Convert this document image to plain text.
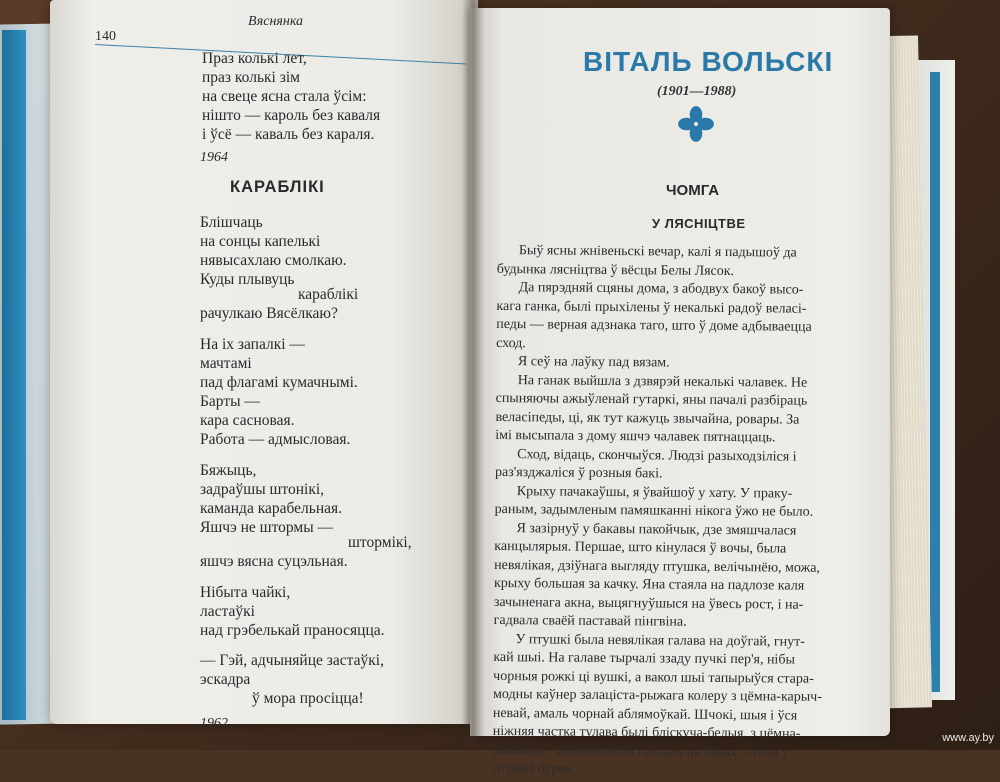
140
Вяснянка
Праз колькі лет,
праз колькі зім
на свеце ясна стала ўсім:
нішто — кароль без каваля
і ўсё — каваль без караля.
1964
КАРАБЛІКІ
Блішчаць
на сонцы капелькі
нявысахлаю смолкаю.
Куды плывуць
караблікі
рачулкаю Вясёлкаю?
На іх запалкі —
мачтамі
пад флагамі кумачнымі.
Барты —
кара сасновая.
Работа — адмысловая.
Бяжыць,
задраўшы штонікі,
каманда карабельная.
Яшчэ не штормы —
штормікі,
яшчэ вясна суцэльная.
Нібыта чайкі,
ластаўкі
над грэбелькай праносяцца.
— Гэй, адчыняйце застаўкі,
эскадра
ў мора просіцца!
1962
ВІТАЛЬ ВОЛЬСКІ
(1901—1988)
ЧОМГА
У ЛЯСНІЦТВЕ
Быў ясны жнівеньскі вечар, калі я падышоў да
будынка лясніцтва ў вёсцы Белы Лясок.
Да пярэдняй сцяны дома, з абодвух бакоў высо-
кага ганка, былі прыхілены ў некалькі радоў веласі-
педы — верная адзнака таго, што ў доме адбываецца
сход.
Я сеў на лаўку пад вязам.
На ганак выйшла з дзвярэй некалькі чалавек. Не
спыняючы ажыўленай гутаркі, яны пачалі разбіраць
веласіпеды, ці, як тут кажуць звычайна, ровары. За
імі высыпала з дому яшчэ чалавек пятнаццаць.
Сход, відаць, скончыўся. Людзі разыходзіліся і
раз'язджаліся ў розныя бакі.
Крыху пачакаўшы, я ўвайшоў у хату. У праку-
раным, задымленым памяшканні нікога ўжо не было.
Я зазірнуў у бакавы пакойчык, дзе змяшчалася
канцылярыя. Першае, што кінулася ў вочы, была
невялікая, дзіўнага выгляду птушка, велічынёю, можа,
крыху большая за качку. Яна стаяла на падлозе каля
зачыненага акна, выцягнуўшыся на ўвесь рост, і на-
гадвала сваёй паставай пінгвіна.
У птушкі была невялікая галава на доўгай, гнут-
кай шыі. На галаве тырчалі ззаду пучкі пер'я, нібы
чорныя рожкі ці вушкі, а вакол шыі тапырыўся стара-
модны каўнер залаціста-рыжага колеру з цёмна-карыч-
невай, амаль чорнай аблямоўкай. Шчокі, шыя і ўся
ніжняя частка тулава былі бліскуча-белыя, з цёмна-
ржавымі і зеленаватымі паскамі па баках. Спіна ў
птушкі бурая.
www.ay.by
